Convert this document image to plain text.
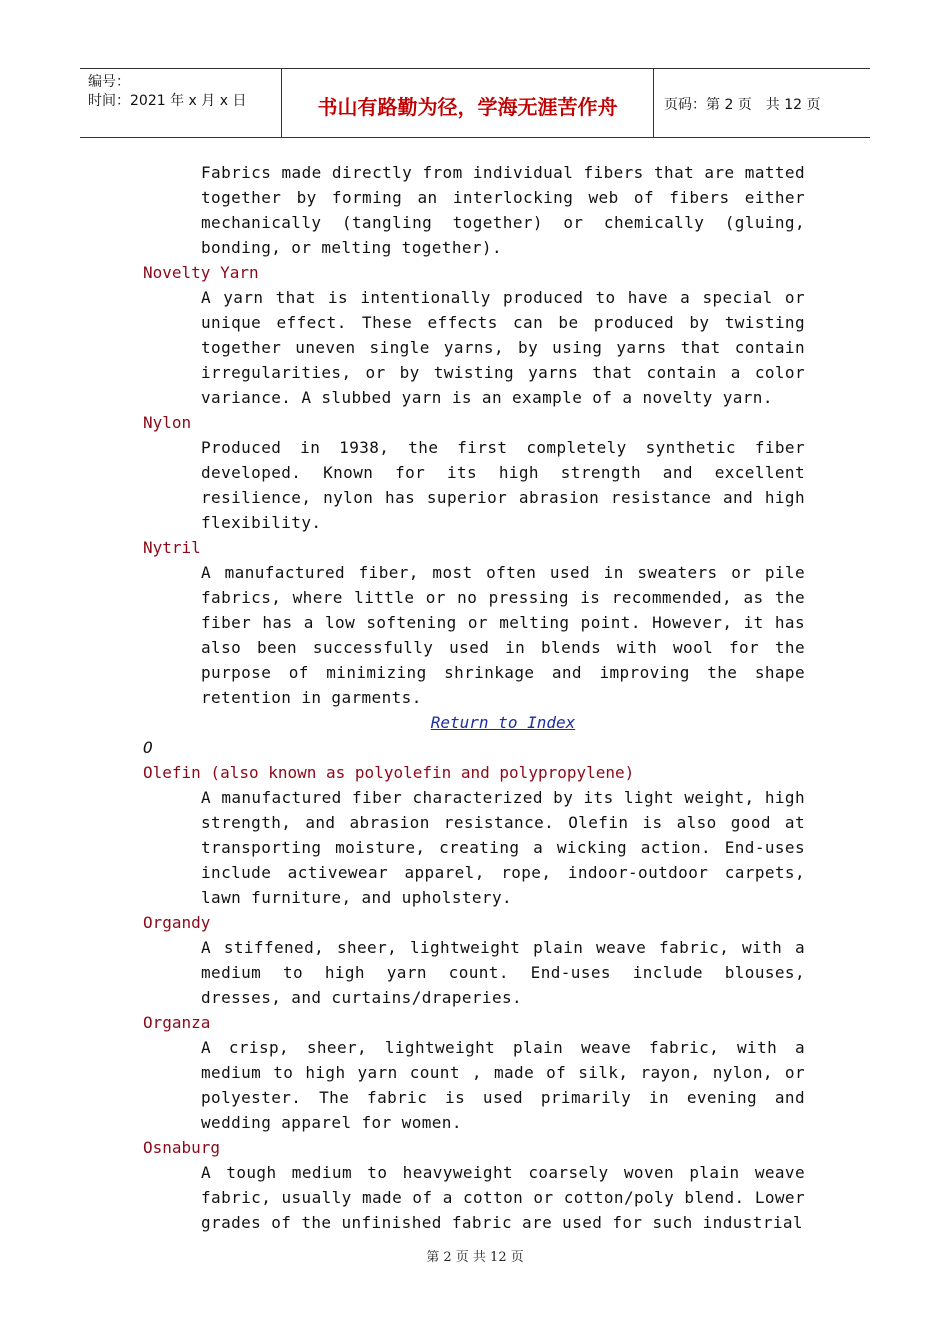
编号：
时间：2021 年 x 月 x 日	书山有路勤为径，学海无涯苦作舟	页码：第 2 页　共 12 页
Fabrics made directly from individual fibers that are matted together by forming an interlocking web of fibers either mechanically (tangling together) or chemically (gluing, bonding, or melting together).
Novelty Yarn
A yarn that is intentionally produced to have a special or unique effect. These effects can be produced by twisting together uneven single yarns, by using yarns that contain irregularities, or by twisting yarns that contain a color variance. A slubbed yarn is an example of a novelty yarn.
Nylon
Produced in 1938, the first completely synthetic fiber developed. Known for its high strength and excellent resilience, nylon has superior abrasion resistance and high flexibility.
Nytril
A manufactured fiber, most often used in sweaters or pile fabrics, where little or no pressing is recommended, as the fiber has a low softening or melting point. However, it has also been successfully used in blends with wool for the purpose of minimizing shrinkage and improving the shape retention in garments.
Return to Index
O
Olefin (also known as polyolefin and polypropylene)
A manufactured fiber characterized by its light weight, high strength, and abrasion resistance. Olefin is also good at transporting moisture, creating a wicking action. End-uses include activewear apparel, rope, indoor-outdoor carpets, lawn furniture, and upholstery.
Organdy
A stiffened, sheer, lightweight plain weave fabric, with a medium to high yarn count. End-uses include blouses, dresses, and curtains/draperies.
Organza
A crisp, sheer, lightweight plain weave fabric, with a medium to high yarn count , made of silk, rayon, nylon, or polyester. The fabric is used primarily in evening and wedding apparel for women.
Osnaburg
A tough medium to heavyweight coarsely woven plain weave fabric, usually made of a cotton or cotton/poly blend. Lower grades of the unfinished fabric are used for such industrial
第 2 页 共 12 页
